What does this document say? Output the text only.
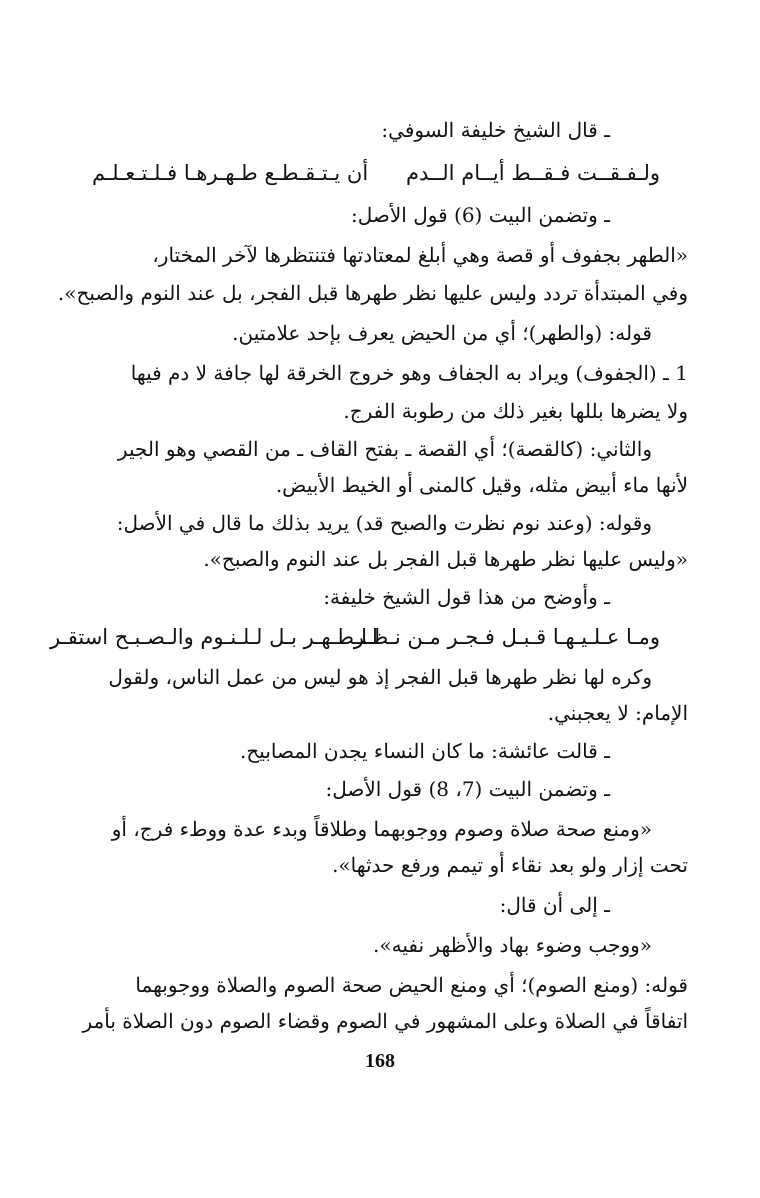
ـ قال الشيخ خليفة السوفي:
ولـفـقــت فـقــط أيــام الــدم
أن يـتـقـطـع طـهـرهـا فـلـتـعـلـم
ـ وتضمن البيت (6) قول الأصل:
«الطهر بجفوف أو قصة وهي أبلغ لمعتادتها فتنتظرها لآخر المختار،
وفي المبتدأة تردد وليس عليها نظر طهرها قبل الفجر، بل عند النوم والصبح».
قوله: (والطهر)؛ أي من الحيض يعرف بإحد علامتين.
1 ـ (الجفوف) ويراد به الجفاف وهو خروج الخرقة لها جافة لا دم فيها
ولا يضرها بللها بغير ذلك من رطوبة الفرج.
والثاني: (كالقصة)؛ أي القصة ـ بفتح القاف ـ من القصي وهو الجير
لأنها ماء أبيض مثله، وقيل كالمنى أو الخيط الأبيض.
وقوله: (وعند نوم نظرت والصبح قد) يريد بذلك ما قال في الأصل:
«وليس عليها نظر طهرها قبل الفجر بل عند النوم والصبح».
ـ وأوضح من هذا قول الشيخ خليفة:
ومـا عـلـيـهـا قـبـل فـجـر مـن نـظـر
لـلـطـهـر بـل لـلـنـوم والـصـبـح استقـر
وكره لها نظر طهرها قبل الفجر إذ هو ليس من عمل الناس، ولقول
الإمام: لا يعجبني.
ـ قالت عائشة: ما كان النساء يجدن المصابيح.
ـ وتضمن البيت (7، 8) قول الأصل:
«ومنع صحة صلاة وصوم ووجوبهما وطلاقاً وبدء عدة ووطء فرج، أو
تحت إزار ولو بعد نقاء أو تيمم ورفع حدثها».
ـ إلى أن قال:
«ووجب وضوء بهاد والأظهر نفيه».
قوله: (ومنع الصوم)؛ أي ومنع الحيض صحة الصوم والصلاة ووجوبهما
اتفاقاً في الصلاة وعلى المشهور في الصوم وقضاء الصوم دون الصلاة بأمر
168
